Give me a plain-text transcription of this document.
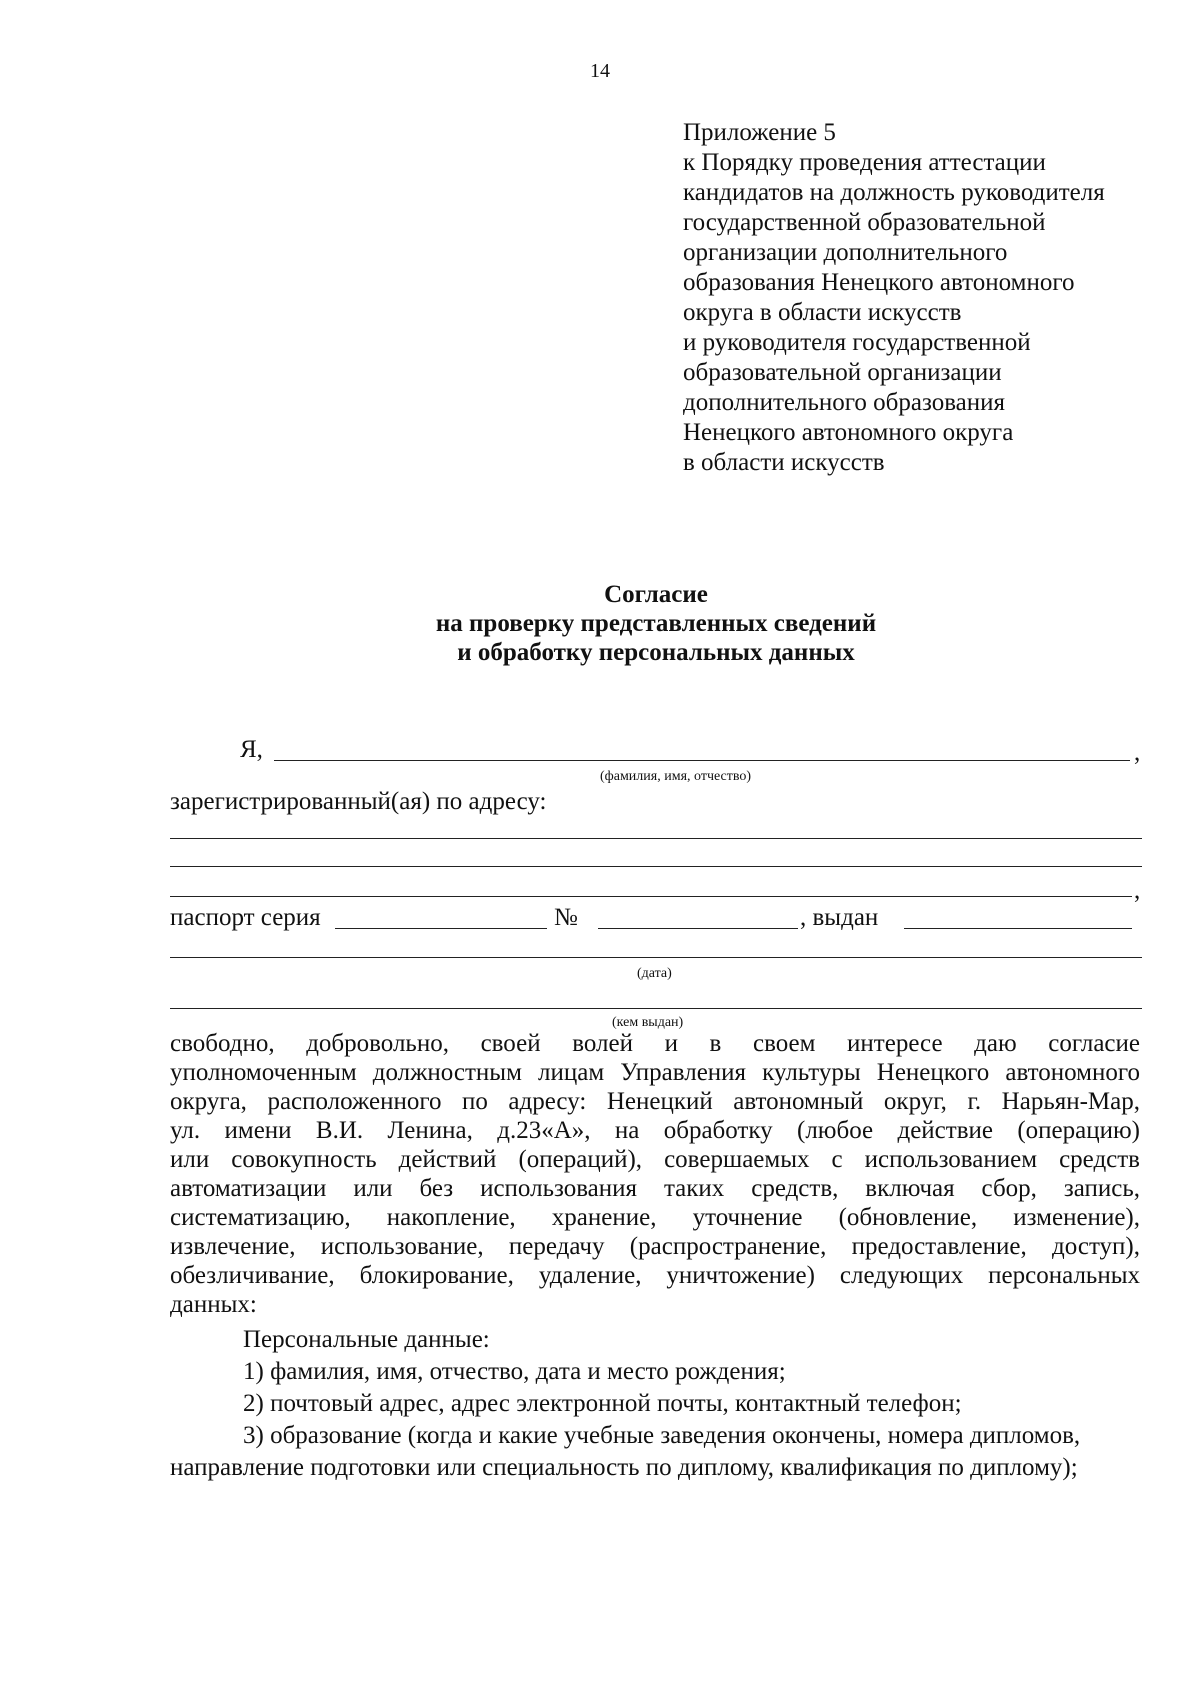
14
Приложение 5
к Порядку проведения аттестации
кандидатов на должность руководителя
государственной образовательной
организации дополнительного
образования Ненецкого автономного
округа в области искусств
и руководителя государственной
образовательной организации
дополнительного образования
Ненецкого автономного округа
в области искусств
Согласие
на проверку представленных сведений
и обработку персональных данных
Я,	,
(фамилия, имя, отчество)
зарегистрированный(ая) по адресу:
,
паспорт серия	№	, выдан
(дата)
(кем выдан)
свободно, добровольно, своей волей и в своем интересе даю согласие
уполномоченным должностным лицам Управления культуры Ненецкого автономного
округа, расположенного по адресу: Ненецкий автономный округ, г. Нарьян-Мар,
ул. имени В.И. Ленина, д.23«А», на обработку (любое действие (операцию)
или совокупность действий (операций), совершаемых с использованием средств
автоматизации или без использования таких средств, включая сбор, запись,
систематизацию, накопление, хранение, уточнение (обновление, изменение),
извлечение, использование, передачу (распространение, предоставление, доступ),
обезличивание, блокирование, удаление, уничтожение) следующих персональных
данных:
Персональные данные:
1) фамилия, имя, отчество, дата и место рождения;
2) почтовый адрес, адрес электронной почты, контактный телефон;
3) образование (когда и какие учебные заведения окончены, номера дипломов,
направление подготовки или специальность по диплому, квалификация по диплому);
